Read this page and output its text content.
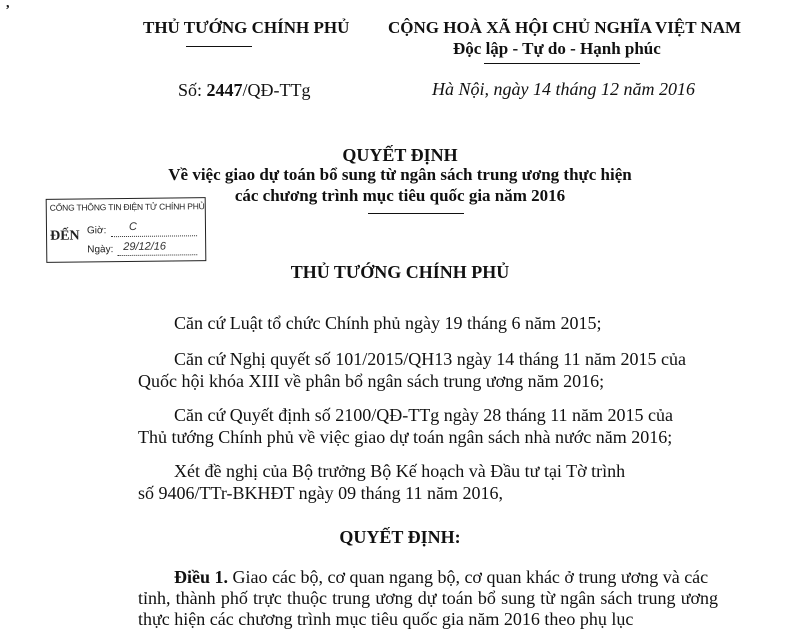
,
THỦ TƯỚNG CHÍNH PHỦ
Số: 2447/QĐ-TTg
CỘNG HOÀ XÃ HỘI CHỦ NGHĨA VIỆT NAM
Độc lập - Tự do - Hạnh phúc
Hà Nội, ngày 14 tháng 12 năm 2016
QUYẾT ĐỊNH
Về việc giao dự toán bổ sung từ ngân sách trung ương thực hiện
các chương trình mục tiêu quốc gia năm 2016
CỔNG THÔNG TIN ĐIỆN TỬ CHÍNH PHỦ
ĐẾN Giờ: C
Ngày: 29/12/16
THỦ TƯỚNG CHÍNH PHỦ
Căn cứ Luật tổ chức Chính phủ ngày 19 tháng 6 năm 2015;
Căn cứ Nghị quyết số 101/2015/QH13 ngày 14 tháng 11 năm 2015 của
Quốc hội khóa XIII về phân bổ ngân sách trung ương năm 2016;
Căn cứ Quyết định số 2100/QĐ-TTg ngày 28 tháng 11 năm 2015 của
Thủ tướng Chính phủ về việc giao dự toán ngân sách nhà nước năm 2016;
Xét đề nghị của Bộ trưởng Bộ Kế hoạch và Đầu tư tại Tờ trình
số 9406/TTr-BKHĐT ngày 09 tháng 11 năm 2016,
QUYẾT ĐỊNH:
Điều 1. Giao các bộ, cơ quan ngang bộ, cơ quan khác ở trung ương và các
tỉnh, thành phố trực thuộc trung ương dự toán bổ sung từ ngân sách trung ương thực hiện các chương trình mục tiêu quốc gia năm 2016 theo phụ lục
